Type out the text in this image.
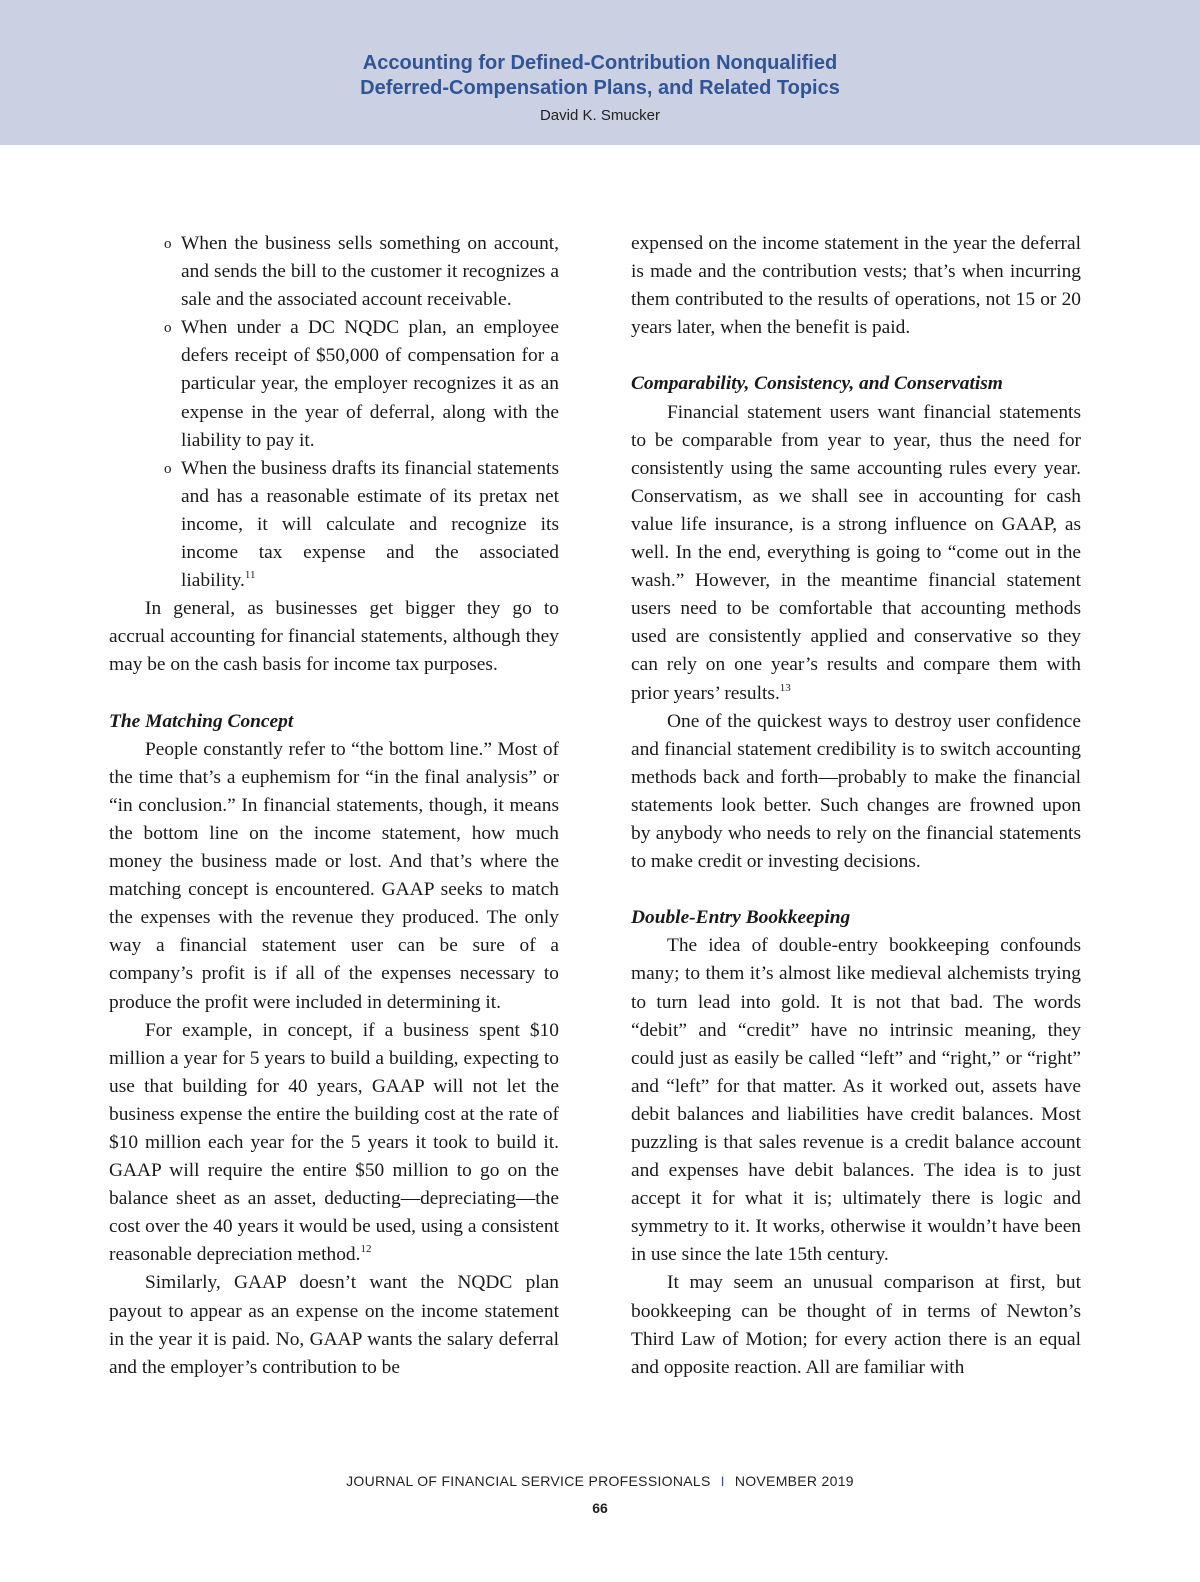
Accounting for Defined-Contribution Nonqualified
Deferred-Compensation Plans, and Related Topics
David K. Smucker
o When the business sells something on account, and sends the bill to the customer it recognizes a sale and the associated account receivable.
o When under a DC NQDC plan, an employee defers receipt of $50,000 of compensation for a particular year, the employer recognizes it as an expense in the year of deferral, along with the liability to pay it.
o When the business drafts its financial statements and has a reasonable estimate of its pretax net income, it will calculate and recognize its income tax expense and the associated liability.$^{11}$

In general, as businesses get bigger they go to accrual accounting for financial statements, although they may be on the cash basis for income tax purposes.

The Matching Concept

People constantly refer to “the bottom line.” Most of the time that’s a euphemism for “in the final analysis” or “in conclusion.” In financial statements, though, it means the bottom line on the income statement, how much money the business made or lost. And that’s where the matching concept is encountered. GAAP seeks to match the expenses with the revenue they produced. The only way a financial statement user can be sure of a company’s profit is if all of the expenses necessary to produce the profit were included in determining it.

For example, in concept, if a business spent $10 million a year for 5 years to build a building, expecting to use that building for 40 years, GAAP will not let the business expense the entire the building cost at the rate of $10 million each year for the 5 years it took to build it. GAAP will require the entire $50 million to go on the balance sheet as an asset, deducting—depreciating—the cost over the 40 years it would be used, using a consistent reasonable depreciation method.$^{12}$

Similarly, GAAP doesn’t want the NQDC plan payout to appear as an expense on the income statement in the year it is paid. No, GAAP wants the salary deferral and the employer’s contribution to be

expensed on the income statement in the year the deferral is made and the contribution vests; that’s when incurring them contributed to the results of operations, not 15 or 20 years later, when the benefit is paid.

Comparability, Consistency, and Conservatism

Financial statement users want financial statements to be comparable from year to year, thus the need for consistently using the same accounting rules every year. Conservatism, as we shall see in accounting for cash value life insurance, is a strong influence on GAAP, as well. In the end, everything is going to “come out in the wash.” However, in the meantime financial statement users need to be comfortable that accounting methods used are consistently applied and conservative so they can rely on one year’s results and compare them with prior years’ results.$^{13}$

One of the quickest ways to destroy user confidence and financial statement credibility is to switch accounting methods back and forth—probably to make the financial statements look better. Such changes are frowned upon by anybody who needs to rely on the financial statements to make credit or investing decisions.

Double-Entry Bookkeeping

The idea of double-entry bookkeeping confounds many; to them it’s almost like medieval alchemists trying to turn lead into gold. It is not that bad. The words “debit” and “credit” have no intrinsic meaning, they could just as easily be called “left” and “right,” or “right” and “left” for that matter. As it worked out, assets have debit balances and liabilities have credit balances. Most puzzling is that sales revenue is a credit balance account and expenses have debit balances. The idea is to just accept it for what it is; ultimately there is logic and symmetry to it. It works, otherwise it wouldn’t have been in use since the late 15th century.

It may seem an unusual comparison at first, but bookkeeping can be thought of in terms of Newton’s Third Law of Motion; for every action there is an equal and opposite reaction. All are familiar with

JOURNAL OF FINANCIAL SERVICE PROFESSIONALS I NOVEMBER 2019
66
